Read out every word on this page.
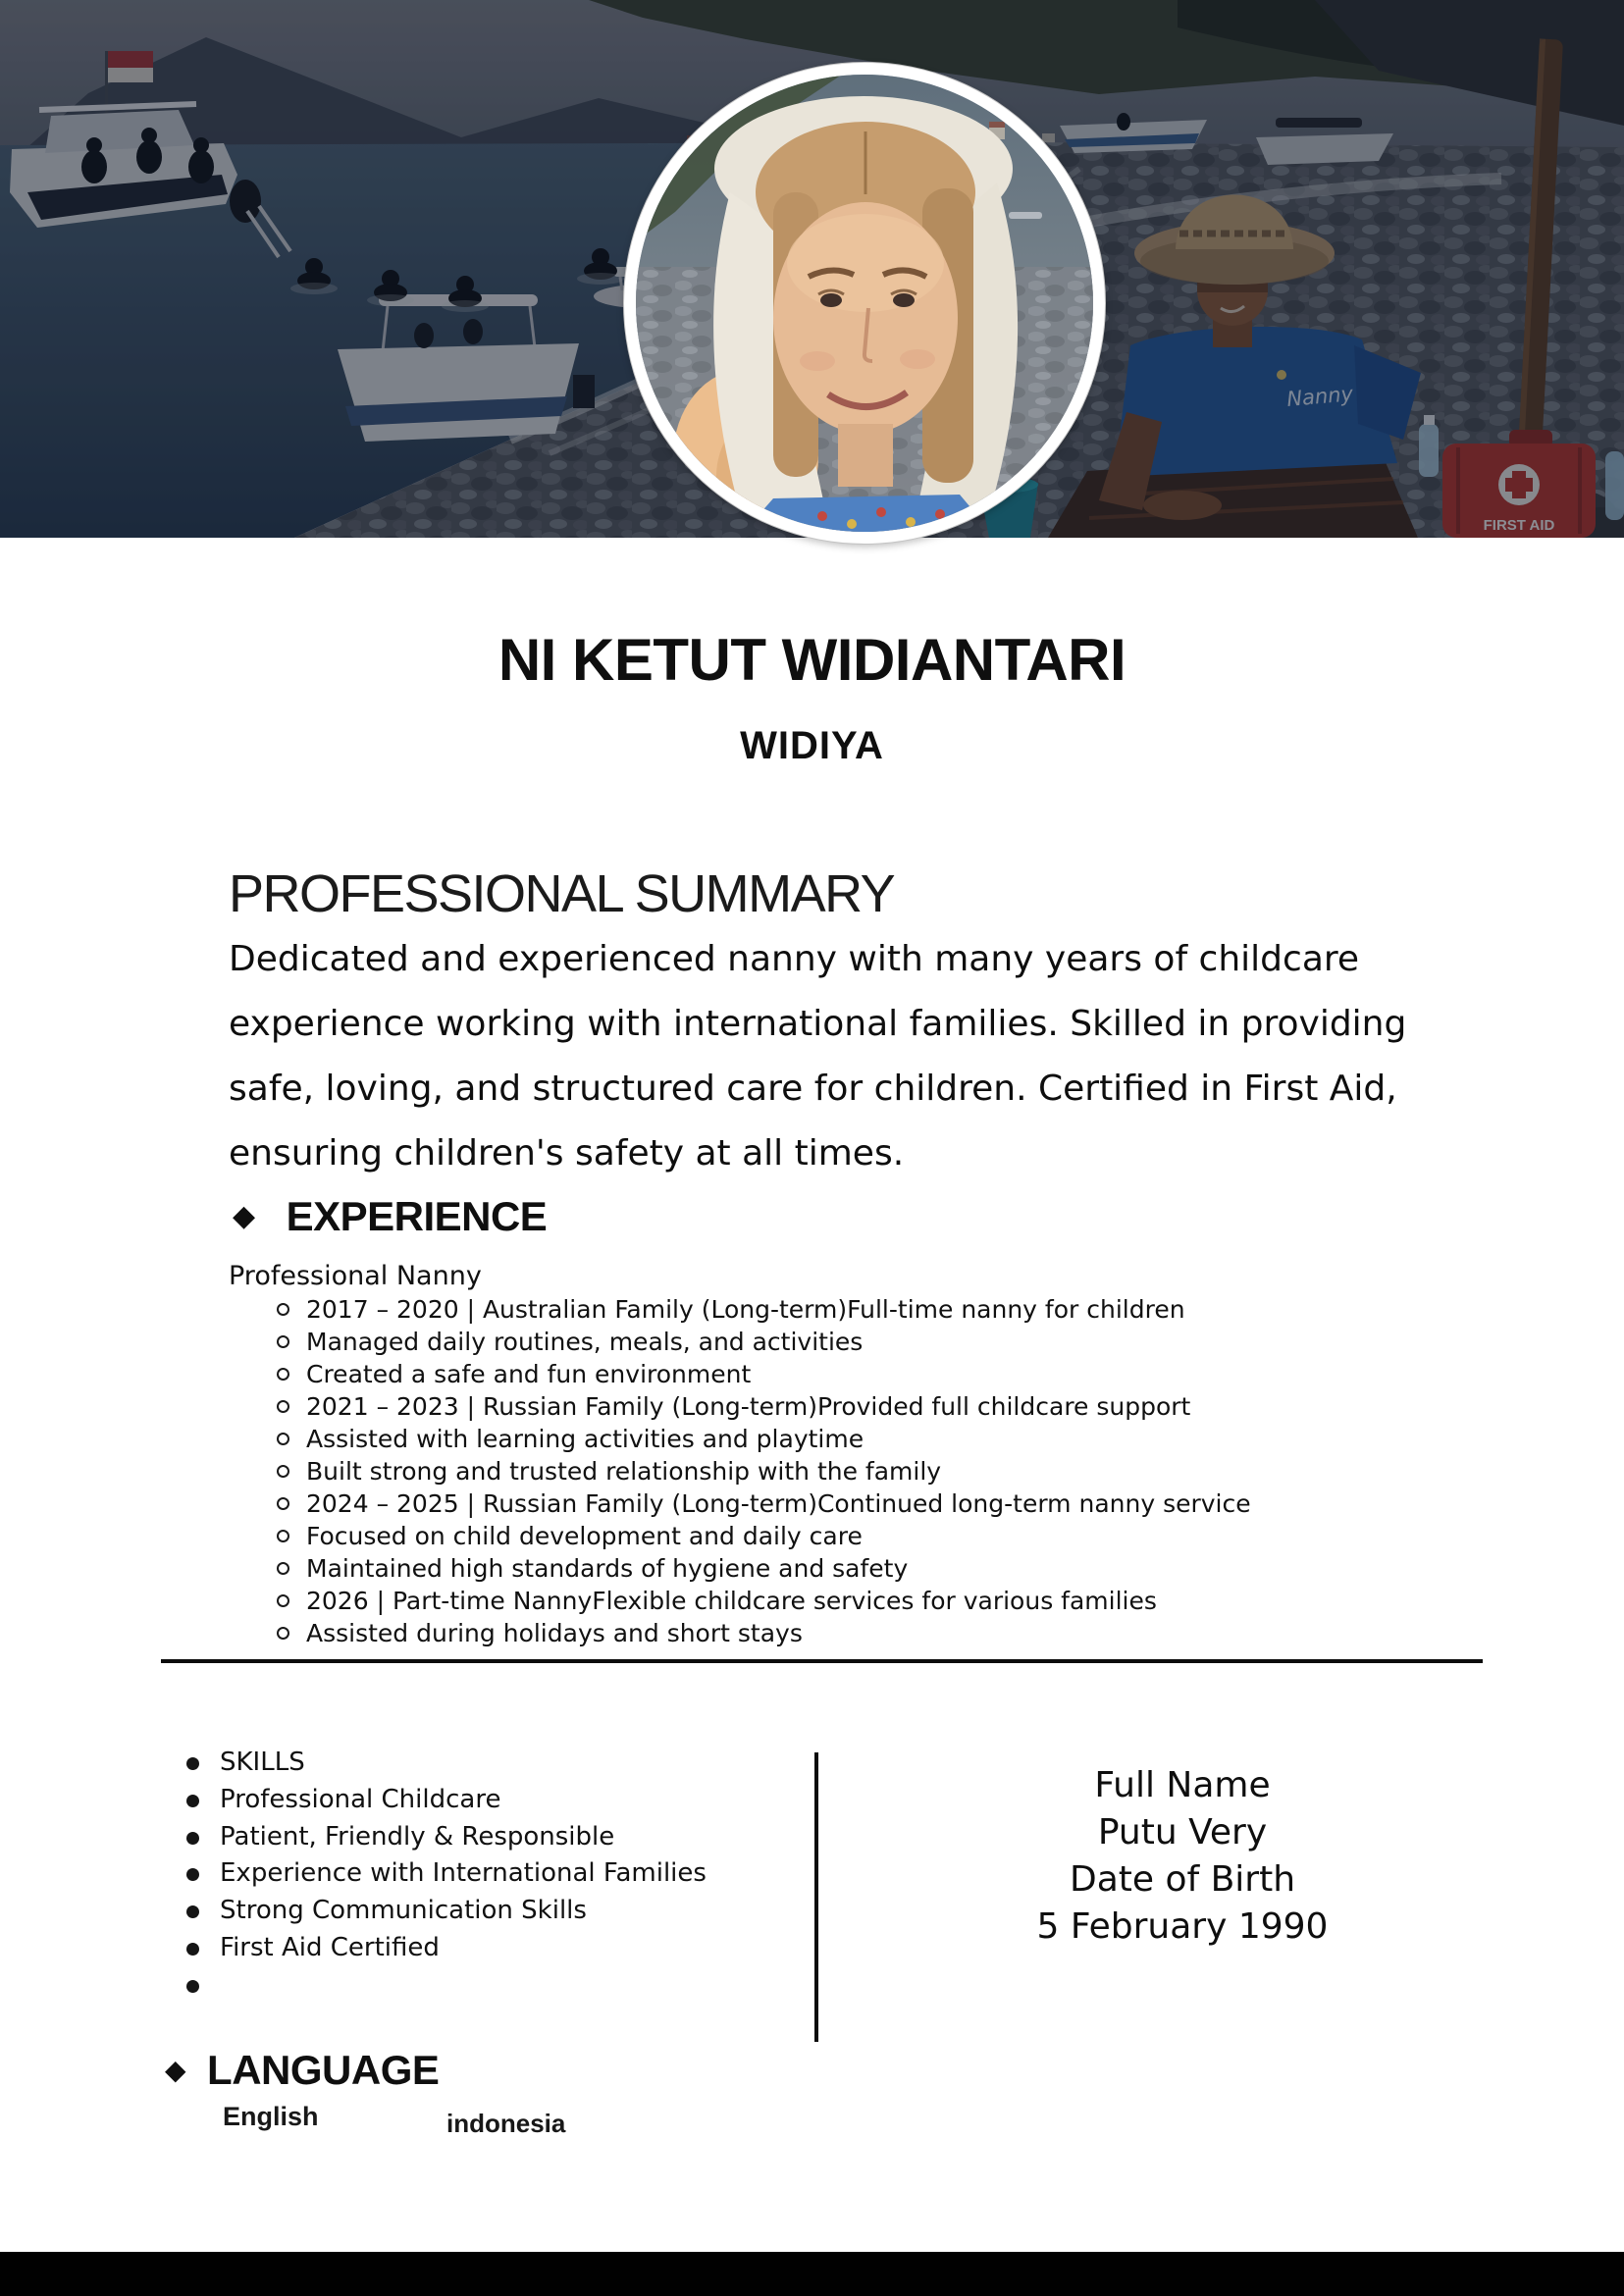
Nanny
FIRST AID
NI KETUT WIDIANTARI
WIDIYA
PROFESSIONAL SUMMARY
Dedicated and experienced nanny with many years of childcare experience working with international families. Skilled in providing safe, loving, and structured care for children. Certified in First Aid, ensuring children's safety at all times.
◆ EXPERIENCE
Professional Nanny
2017 – 2020 | Australian Family (Long-term)Full-time nanny for children
Managed daily routines, meals, and activities
Created a safe and fun environment
2021 – 2023 | Russian Family (Long-term)Provided full childcare support
Assisted with learning activities and playtime
Built strong and trusted relationship with the family
2024 – 2025 | Russian Family (Long-term)Continued long-term nanny service
Focused on child development and daily care
Maintained high standards of hygiene and safety
2026 | Part-time NannyFlexible childcare services for various families
Assisted during holidays and short stays
SKILLS
Professional Childcare
Patient, Friendly & Responsible
Experience with International Families
Strong Communication Skills
First Aid Certified
Full Name
Putu Very
Date of Birth
5 February 1990
◆ LANGUAGE
English	indonesia
